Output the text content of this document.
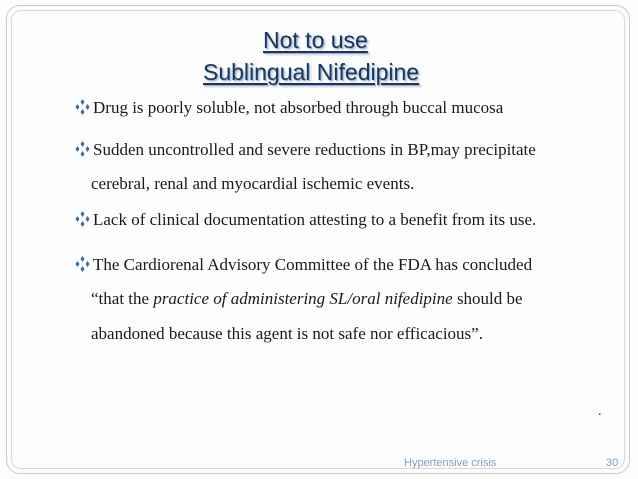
Not to use
Sublingual Nifedipine
Drug is poorly soluble, not absorbed through buccal mucosa
Sudden uncontrolled and severe reductions in BP,may precipitate
cerebral, renal and myocardial ischemic events.
Lack of clinical documentation attesting to a benefit from its use.
The Cardiorenal Advisory Committee of the FDA has concluded
“that the practice of administering SL/oral nifedipine should be
abandoned because this agent is not safe nor efficacious”.
.
Hypertensive crisis	30
